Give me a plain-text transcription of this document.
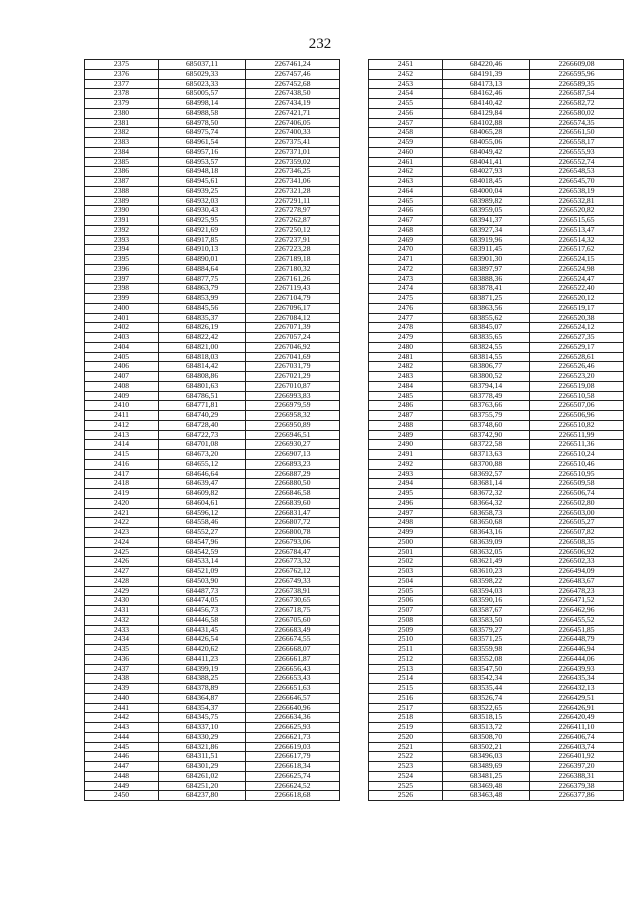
232
2375	685037,11	2267461,24
2376	685029,33	2267457,46
2377	685023,33	2267452,68
2378	685005,57	2267438,50
2379	684998,14	2267434,19
2380	684988,58	2267421,71
2381	684978,50	2267406,05
2382	684975,74	2267400,33
2383	684961,54	2267375,41
2384	684957,16	2267371,01
2385	684953,57	2267359,02
2386	684948,18	2267346,25
2387	684945,61	2267341,06
2388	684939,25	2267321,28
2389	684932,03	2267291,11
2390	684930,43	2267278,97
2391	684925,95	2267262,87
2392	684921,69	2267250,12
2393	684917,85	2267237,91
2394	684910,13	2267223,28
2395	684890,01	2267189,18
2396	684884,64	2267180,32
2397	684877,75	2267161,26
2398	684863,79	2267119,43
2399	684853,99	2267104,79
2400	684845,56	2267096,17
2401	684835,37	2267084,12
2402	684826,19	2267071,39
2403	684822,42	2267057,24
2404	684821,00	2267046,92
2405	684818,03	2267041,69
2406	684814,42	2267031,79
2407	684808,86	2267021,29
2408	684801,63	2267010,87
2409	684786,51	2266993,83
2410	684771,81	2266979,59
2411	684740,29	2266958,32
2412	684728,40	2266950,89
2413	684722,73	2266946,51
2414	684701,08	2266930,27
2415	684673,20	2266907,13
2416	684655,12	2266893,23
2417	684646,64	2266887,29
2418	684639,47	2266880,50
2419	684609,82	2266846,58
2420	684604,61	2266839,60
2421	684596,12	2266831,47
2422	684558,46	2266807,72
2423	684552,27	2266800,78
2424	684547,96	2266793,06
2425	684542,59	2266784,47
2426	684533,14	2266773,32
2427	684521,09	2266762,12
2428	684503,90	2266749,33
2429	684487,73	2266738,91
2430	684474,05	2266730,65
2431	684456,73	2266718,75
2432	684446,58	2266705,60
2433	684431,45	2266683,49
2434	684426,54	2266674,55
2435	684420,62	2266668,07
2436	684411,23	2266661,87
2437	684399,19	2266656,43
2438	684388,25	2266653,43
2439	684378,89	2266651,63
2440	684364,87	2266646,57
2441	684354,37	2266640,96
2442	684345,75	2266634,36
2443	684337,10	2266625,93
2444	684330,29	2266621,73
2445	684321,86	2266619,03
2446	684311,51	2266617,79
2447	684301,29	2266618,34
2448	684261,02	2266625,74
2449	684251,20	2266624,52
2450	684237,80	2266618,68
2451	684220,46	2266609,08
2452	684191,39	2266595,96
2453	684173,13	2266589,35
2454	684162,46	2266587,54
2455	684140,42	2266582,72
2456	684129,84	2266580,02
2457	684102,88	2266574,35
2458	684065,28	2266561,50
2459	684055,06	2266558,17
2460	684049,42	2266555,93
2461	684041,41	2266552,74
2462	684027,93	2266548,53
2463	684018,45	2266545,70
2464	684000,04	2266538,19
2465	683989,82	2266532,81
2466	683959,05	2266520,82
2467	683941,37	2266515,65
2468	683927,34	2266513,47
2469	683919,96	2266514,32
2470	683911,45	2266517,62
2471	683901,30	2266524,15
2472	683897,97	2266524,98
2473	683888,36	2266524,47
2474	683878,41	2266522,40
2475	683871,25	2266520,12
2476	683863,56	2266519,17
2477	683855,62	2266520,38
2478	683845,07	2266524,12
2479	683835,65	2266527,35
2480	683824,55	2266529,17
2481	683814,55	2266528,61
2482	683806,77	2266526,46
2483	683800,52	2266523,20
2484	683794,14	2266519,08
2485	683778,49	2266510,58
2486	683763,66	2266507,06
2487	683755,79	2266506,96
2488	683748,60	2266510,82
2489	683742,90	2266511,99
2490	683722,58	2266511,36
2491	683713,63	2266510,24
2492	683700,88	2266510,46
2493	683692,57	2266510,95
2494	683681,14	2266509,58
2495	683672,32	2266506,74
2496	683664,32	2266502,80
2497	683658,73	2266503,00
2498	683650,68	2266505,27
2499	683643,16	2266507,82
2500	683639,09	2266508,35
2501	683632,05	2266506,92
2502	683621,49	2266502,33
2503	683610,23	2266494,09
2504	683598,22	2266483,67
2505	683594,03	2266478,23
2506	683590,16	2266471,52
2507	683587,67	2266462,96
2508	683583,50	2266455,52
2509	683579,27	2266451,85
2510	683571,25	2266448,79
2511	683559,98	2266446,94
2512	683552,08	2266444,06
2513	683547,50	2266439,93
2514	683542,34	2266435,34
2515	683535,44	2266432,13
2516	683526,74	2266429,51
2517	683522,65	2266426,91
2518	683518,15	2266420,49
2519	683513,72	2266411,10
2520	683508,70	2266406,74
2521	683502,21	2266403,74
2522	683496,03	2266401,92
2523	683489,69	2266397,20
2524	683481,25	2266388,31
2525	683469,48	2266379,38
2526	683463,48	2266377,86
